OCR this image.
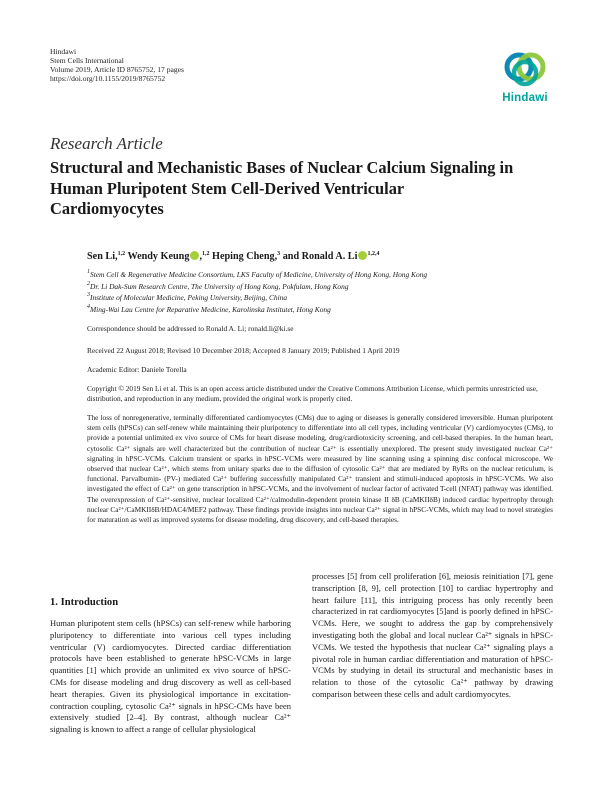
Hindawi
Stem Cells International
Volume 2019, Article ID 8765752, 17 pages
https://doi.org/10.1155/2019/8765752
Hindawi
Research Article
Structural and Mechanistic Bases of Nuclear Calcium Signaling in Human Pluripotent Stem Cell-Derived Ventricular Cardiomyocytes
Sen Li,$^{1,2}$ Wendy Keung ,$^{1,2}$ Heping Cheng,$^3$ and Ronald A. Li $^{1,2,4}$
$^1$Stem Cell & Regenerative Medicine Consortium, LKS Faculty of Medicine, University of Hong Kong, Hong Kong
$^2$Dr. Li Dak-Sum Research Centre, The University of Hong Kong, Pokfulam, Hong Kong
$^3$Institute of Molecular Medicine, Peking University, Beijing, China
$^4$Ming-Wai Lau Centre for Reparative Medicine, Karolinska Institutet, Hong Kong
Correspondence should be addressed to Ronald A. Li; ronald.li@ki.se
Received 22 August 2018; Revised 10 December 2018; Accepted 8 January 2019; Published 1 April 2019
Academic Editor: Daniele Torella
Copyright © 2019 Sen Li et al. This is an open access article distributed under the Creative Commons Attribution License, which permits unrestricted use, distribution, and reproduction in any medium, provided the original work is properly cited.
The loss of nonregenerative, terminally differentiated cardiomyocytes (CMs) due to aging or diseases is generally considered irreversible. Human pluripotent stem cells (hPSCs) can self-renew while maintaining their pluripotency to differentiate into all cell types, including ventricular (V) cardiomyocytes (CMs), to provide a potential unlimited ex vivo source of CMs for heart disease modeling, drug/cardiotoxicity screening, and cell-based therapies. In the human heart, cytosolic Ca²⁺ signals are well characterized but the contribution of nuclear Ca²⁺ is essentially unexplored. The present study investigated nuclear Ca²⁺ signaling in hPSC-VCMs. Calcium transient or sparks in hPSC-VCMs were measured by line scanning using a spinning disc confocal microscope. We observed that nuclear Ca²⁺, which stems from unitary sparks due to the diffusion of cytosolic Ca²⁺ that are mediated by RyRs on the nuclear reticulum, is functional. Parvalbumin- (PV-) mediated Ca²⁺ buffering successfully manipulated Ca²⁺ transient and stimuli-induced apoptosis in hPSC-VCMs. We also investigated the effect of Ca²⁺ on gene transcription in hPSC-VCMs, and the involvement of nuclear factor of activated T-cell (NFAT) pathway was identified. The overexpression of Ca²⁺-sensitive, nuclear localized Ca²⁺/calmodulin-dependent protein kinase II δB (CaMKIIδB) induced cardiac hypertrophy through nuclear Ca²⁺/CaMKIIδB/HDAC4/MEF2 pathway. These findings provide insights into nuclear Ca²⁺ signal in hPSC-VCMs, which may lead to novel strategies for maturation as well as improved systems for disease modeling, drug discovery, and cell-based therapies.
1. Introduction
Human pluripotent stem cells (hPSCs) can self-renew while harboring pluripotency to differentiate into various cell types including ventricular (V) cardiomyocytes. Directed cardiac differentiation protocols have been established to generate hPSC-VCMs in large quantities [1] which provide an unlimited ex vivo source of hPSC-CMs for disease modeling and drug discovery as well as cell-based heart therapies. Given its physiological importance in excitation-contraction coupling, cytosolic Ca²⁺ signals in hPSC-CMs have been extensively studied [2–4]. By contrast, although nuclear Ca²⁺ signaling is known to affect a range of cellular physiological
processes [5] from cell proliferation [6], meiosis reinitiation [7], gene transcription [8, 9], cell protection [10] to cardiac hypertrophy and heart failure [11], this intriguing process has only recently been characterized in rat cardiomyocytes [5]and is poorly defined in hPSC-VCMs. Here, we sought to address the gap by comprehensively investigating both the global and local nuclear Ca²⁺ signals in hPSC-VCMs. We tested the hypothesis that nuclear Ca²⁺ signaling plays a pivotal role in human cardiac differentiation and maturation of hPSC-VCMs by studying in detail its structural and mechanistic bases in relation to those of the cytosolic Ca²⁺ pathway by drawing comparison between these cells and adult cardiomyocytes.
